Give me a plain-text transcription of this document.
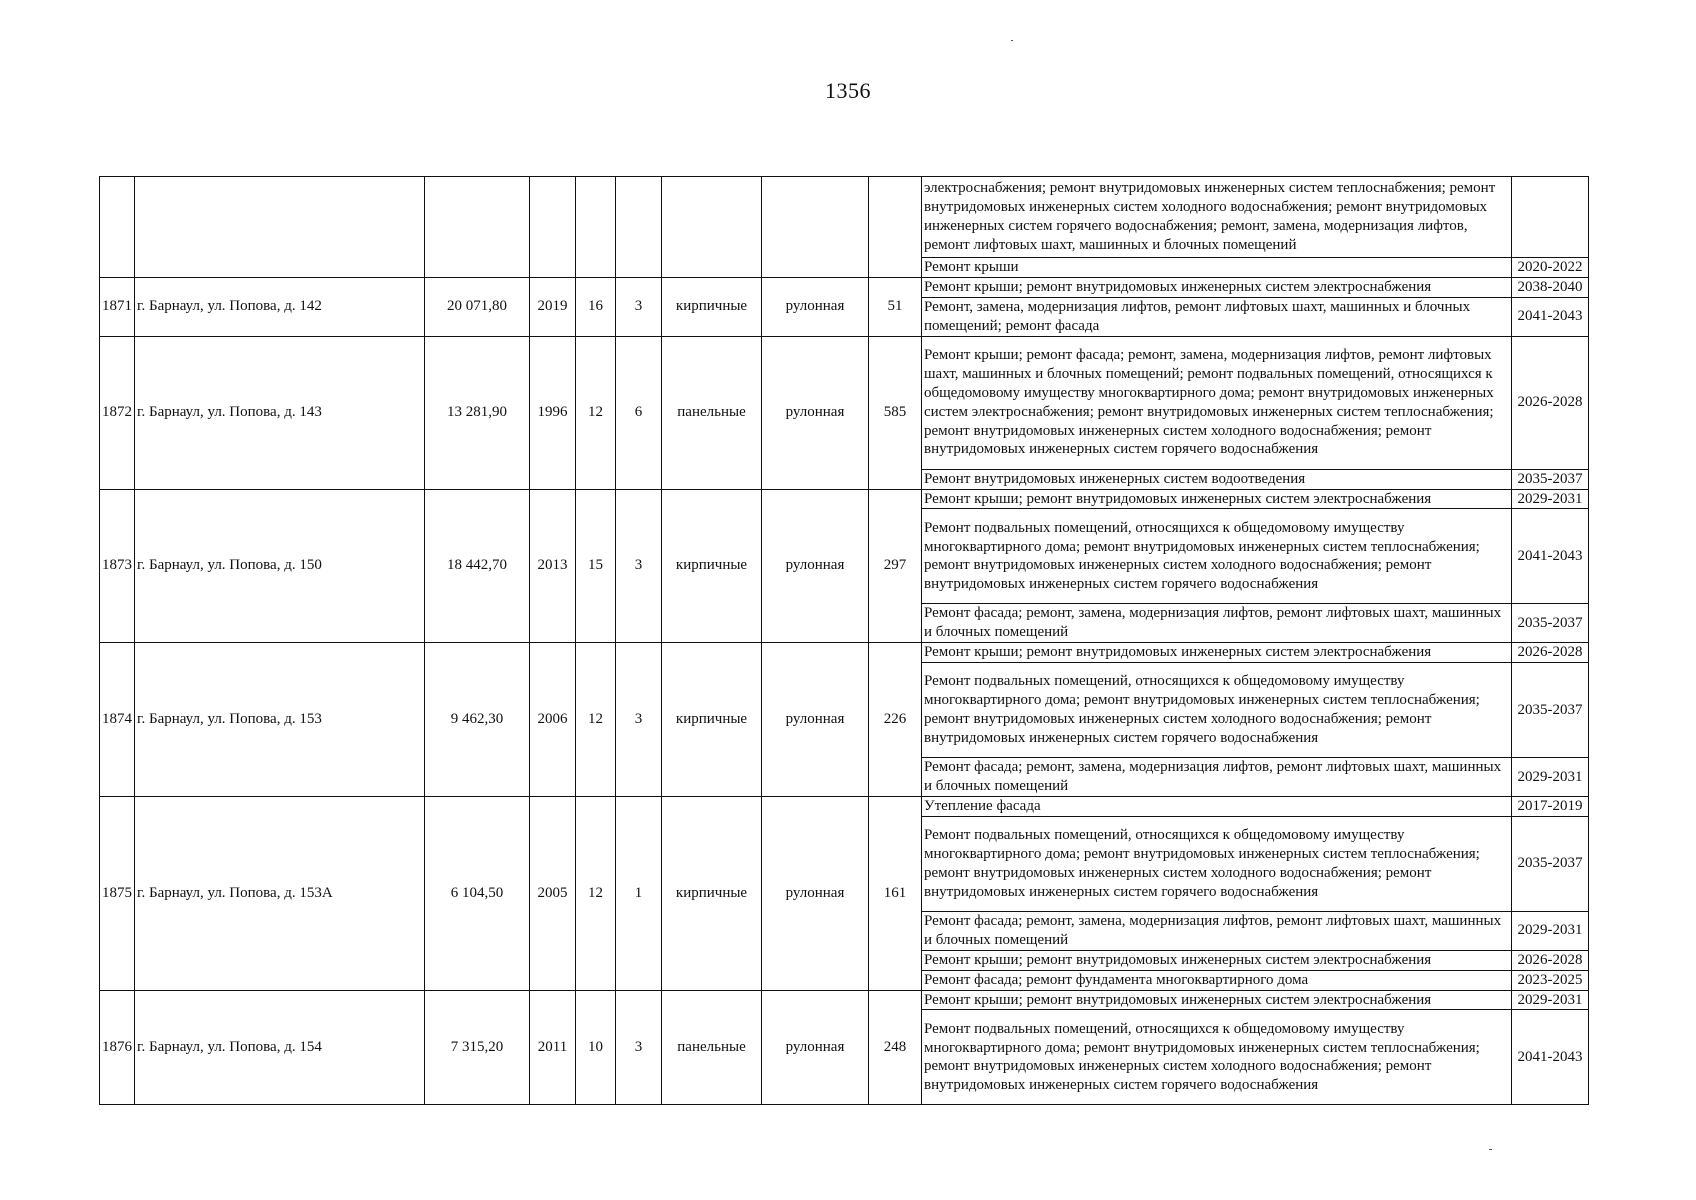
1356
									электроснабжения; ремонт внутридомовых инженерных систем теплоснабжения; ремонт внутридомовых инженерных систем холодного водоснабжения; ремонт внутридомовых инженерных систем горячего водоснабжения; ремонт, замена, модернизация лифтов, ремонт лифтовых шахт, машинных и блочных помещений	
									Ремонт крыши	2020-2022
1871	г. Барнаул, ул. Попова, д. 142	20 071,80	2019	16	3	кирпичные	рулонная	51	Ремонт крыши; ремонт внутридомовых инженерных систем электроснабжения	2038-2040
									Ремонт, замена, модернизация лифтов, ремонт лифтовых шахт, машинных и блочных помещений; ремонт фасада	2041-2043
1872	г. Барнаул, ул. Попова, д. 143	13 281,90	1996	12	6	панельные	рулонная	585	Ремонт крыши; ремонт фасада; ремонт, замена, модернизация лифтов, ремонт лифтовых шахт, машинных и блочных помещений; ремонт подвальных помещений, относящихся к общедомовому имуществу многоквартирного дома; ремонт внутридомовых инженерных систем электроснабжения; ремонт внутридомовых инженерных систем теплоснабжения; ремонт внутридомовых инженерных систем холодного водоснабжения; ремонт внутридомовых инженерных систем горячего водоснабжения	2026-2028
									Ремонт внутридомовых инженерных систем водоотведения	2035-2037
1873	г. Барнаул, ул. Попова, д. 150	18 442,70	2013	15	3	кирпичные	рулонная	297	Ремонт крыши; ремонт внутридомовых инженерных систем электроснабжения	2029-2031
									Ремонт подвальных помещений, относящихся к общедомовому имуществу многоквартирного дома; ремонт внутридомовых инженерных систем теплоснабжения; ремонт внутридомовых инженерных систем холодного водоснабжения; ремонт внутридомовых инженерных систем горячего водоснабжения	2041-2043
									Ремонт фасада; ремонт, замена, модернизация лифтов, ремонт лифтовых шахт, машинных и блочных помещений	2035-2037
1874	г. Барнаул, ул. Попова, д. 153	9 462,30	2006	12	3	кирпичные	рулонная	226	Ремонт крыши; ремонт внутридомовых инженерных систем электроснабжения	2026-2028
									Ремонт подвальных помещений, относящихся к общедомовому имуществу многоквартирного дома; ремонт внутридомовых инженерных систем теплоснабжения; ремонт внутридомовых инженерных систем холодного водоснабжения; ремонт внутридомовых инженерных систем горячего водоснабжения	2035-2037
									Ремонт фасада; ремонт, замена, модернизация лифтов, ремонт лифтовых шахт, машинных и блочных помещений	2029-2031
1875	г. Барнаул, ул. Попова, д. 153А	6 104,50	2005	12	1	кирпичные	рулонная	161	Утепление фасада	2017-2019
									Ремонт подвальных помещений, относящихся к общедомовому имуществу многоквартирного дома; ремонт внутридомовых инженерных систем теплоснабжения; ремонт внутридомовых инженерных систем холодного водоснабжения; ремонт внутридомовых инженерных систем горячего водоснабжения	2035-2037
									Ремонт фасада; ремонт, замена, модернизация лифтов, ремонт лифтовых шахт, машинных и блочных помещений	2029-2031
									Ремонт крыши; ремонт внутридомовых инженерных систем электроснабжения	2026-2028
									Ремонт фасада; ремонт фундамента многоквартирного дома	2023-2025
1876	г. Барнаул, ул. Попова, д. 154	7 315,20	2011	10	3	панельные	рулонная	248	Ремонт крыши; ремонт внутридомовых инженерных систем электроснабжения	2029-2031
									Ремонт подвальных помещений, относящихся к общедомовому имуществу многоквартирного дома; ремонт внутридомовых инженерных систем теплоснабжения; ремонт внутридомовых инженерных систем холодного водоснабжения; ремонт внутридомовых инженерных систем горячего водоснабжения	2041-2043
